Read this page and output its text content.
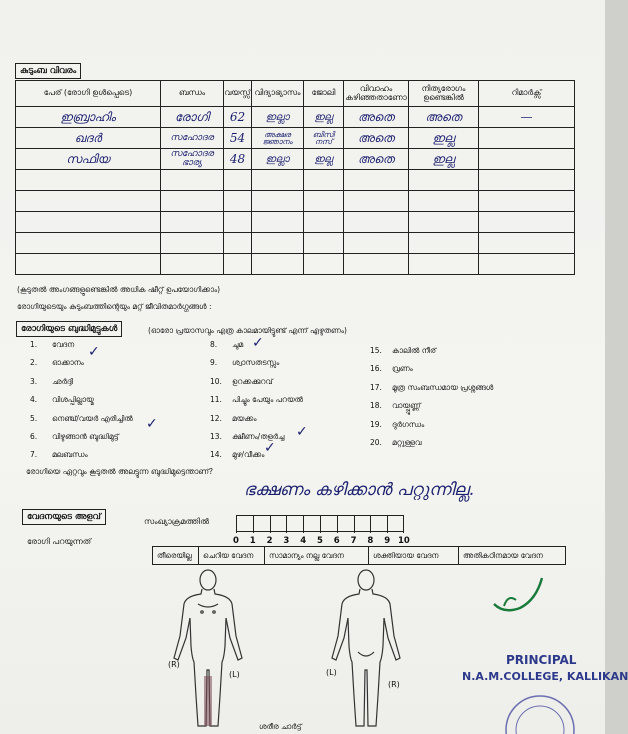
കുടുംബ വിവരം
പേര് (രോഗി ഉൾപ്പെടെ)	ബന്ധം	വയസ്സ്	വിദ്യാഭ്യാസം	ജോലി	വിവാഹം കഴിഞ്ഞതാണോ	നിത്യരോഗം ഉണ്ടെങ്കിൽ	റിമാർക്സ്
ഇബ്രാഹിം	രോഗി	62	ഇല്ലാ	ഇല്ല	അതെ	അതെ	—
ഖദർ	സഹോദര	54	അക്ഷര ജ്ഞാനം	ബിസി നസ്	അതെ	ഇല്ല	
സഫിയ	സഹോദര ഭാര്യ	48	ഇല്ലാ	ഇല്ല	അതെ	ഇല്ല	

(കൂടുതൽ അംഗങ്ങളുണ്ടെങ്കിൽ അധിക ഷീറ്റ് ഉപയോഗിക്കാം)
രോഗിയുടെയും കുടുംബത്തിന്റെയും മറ്റ് ജീവിതമാർഗ്ഗങ്ങൾ :
രോഗിയുടെ ബുദ്ധിമുട്ടുകൾ	(ഓരോ പ്രയാസവും എത്ര കാലമായിട്ടുണ്ട് എന്ന് എഴുതണം)
1. വേദന
2. ഓക്കാനം
3. ഛർദ്ദി
4. വിശപ്പില്ലായ്മ
5. നെഞ്ച്/വയർ എരിച്ചിൽ
6. വിഴുങ്ങാൻ ബുദ്ധിമുട്ട്
7. മലബന്ധം
8. ചുമ
9. ശ്വാസതടസ്സം
10. ഉറക്കക്കുറവ്
11. പിച്ചും പേയും പറയൽ
12. മയക്കം
13. ക്ഷീണം/തളർച്ച
14. മുഴ/വീക്കം
15. കാലിൽ നീര്
16. വ്രണം
17. മൂത്ര സംബന്ധമായ പ്രശ്നങ്ങൾ
18. വായ്പ്പുണ്ണ്
19. ദുർഗന്ധം
20. മറ്റുള്ളവ
✓
✓
✓
✓
✓
രോഗിയെ ഏറ്റവും കൂടുതൽ അലട്ടുന്ന ബുദ്ധിമുട്ടെന്താണ്?
ഭക്ഷണം കഴിക്കാൻ പറ്റുന്നില്ല.
വേദനയുടെ അളവ്	സംഖ്യാക്രമത്തിൽ
രോഗി പറയുന്നത്	0 1 2 3 4 5 6 7 8 9 10
തീരെയില്ല	ചെറിയ വേദന	സാമാന്യം നല്ല വേദന	ശക്തിയായ വേദന	അതികഠിനമായ വേദന
(R)
(L)	(L)
(R)
ശരീര ചാർട്ട്
PRINCIPAL
N.A.M.COLLEGE, KALLIKAN
